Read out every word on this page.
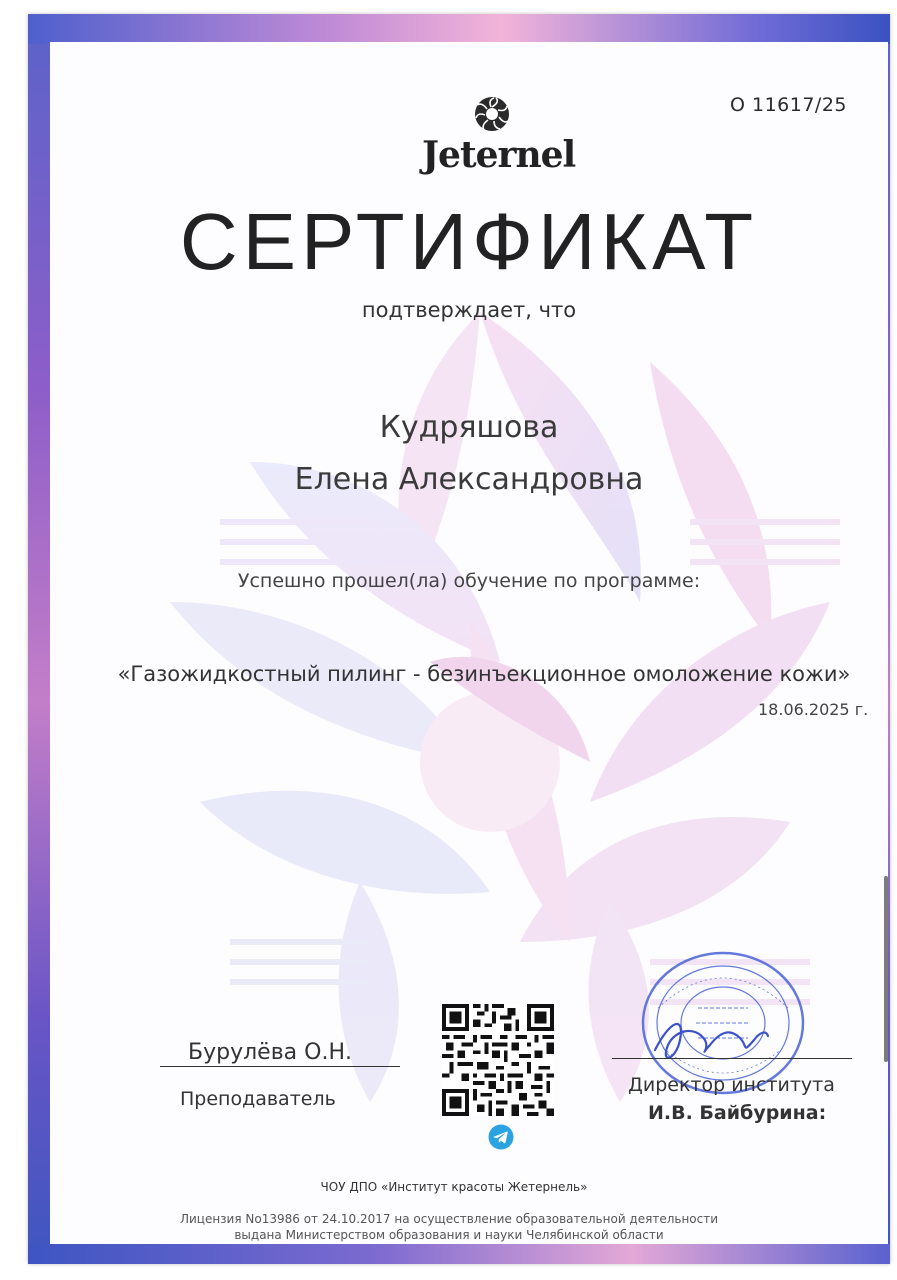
О 11617/25
Jeternel
СЕРТИФИКАТ
подтверждает, что
Кудряшова
Елена Александровна
Успешно прошел(ла) обучение по программе:
«Газожидкостный пилинг - безинъекционное омоложение кожи»
18.06.2025 г.
Бурулёва О.Н.
Преподаватель
Директор института
И.В. Байбурина:
ЧОУ ДПО «Институт красоты Жетернель»
Лицензия No13986 от 24.10.2017 на осуществление образовательной деятельности
выдана Министерством образования и науки Челябинской области
